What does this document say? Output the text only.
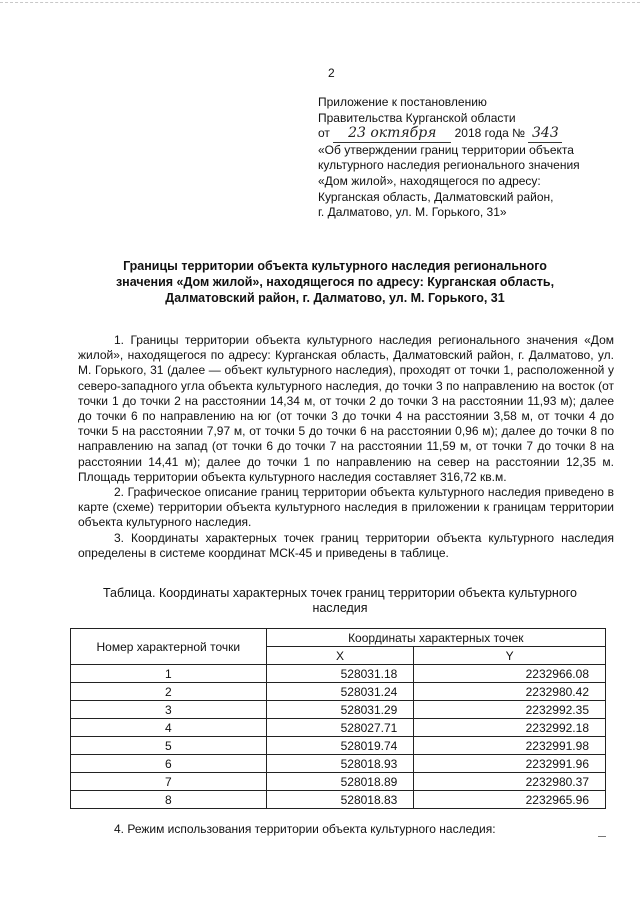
2
Приложение к постановлению
Правительства Курганской области
от 23 октября 2018 года № 343
«Об утверждении границ территории объекта
культурного наследия регионального значения
«Дом жилой», находящегося по адресу:
Курганская область, Далматовский район,
г. Далматово, ул. М. Горького, 31»
Границы территории объекта культурного наследия регионального
значения «Дом жилой», находящегося по адресу: Курганская область,
Далматовский район, г. Далматово, ул. М. Горького, 31

1. Границы территории объекта культурного наследия регионального значения «Дом жилой», находящегося по адресу: Курганская область, Далматовский район, г. Далматово, ул. М. Горького, 31 (далее — объект культурного наследия), проходят от точки 1, расположенной у северо-западного угла объекта культурного наследия, до точки 3 по направлению на восток (от точки 1 до точки 2 на расстоянии 14,34 м, от точки 2 до точки 3 на расстоянии 11,93 м); далее до точки 6 по направлению на юг (от точки 3 до точки 4 на расстоянии 3,58 м, от точки 4 до точки 5 на расстоянии 7,97 м, от точки 5 до точки 6 на расстоянии 0,96 м); далее до точки 8 по направлению на запад (от точки 6 до точки 7 на расстоянии 11,59 м, от точки 7 до точки 8 на расстоянии 14,41 м); далее до точки 1 по направлению на север на расстоянии 12,35 м. Площадь территории объекта культурного наследия составляет 316,72 кв.м.

2. Графическое описание границ территории объекта культурного наследия приведено в карте (схеме) территории объекта культурного наследия в приложении к границам территории объекта культурного наследия.

3. Координаты характерных точек границ территории объекта культурного наследия определены в системе координат МСК-45 и приведены в таблице.

Таблица. Координаты характерных точек границ территории объекта культурного
наследия
Номер характерной точки	Координаты характерных точек	
	X	Y
1	528031.18	2232966.08
2	528031.24	2232980.42
3	528031.29	2232992.35
4	528027.71	2232992.18
5	528019.74	2232991.98
6	528018.93	2232991.96
7	528018.89	2232980.37
8	528018.83	2232965.96
4. Режим использования территории объекта культурного наследия:
